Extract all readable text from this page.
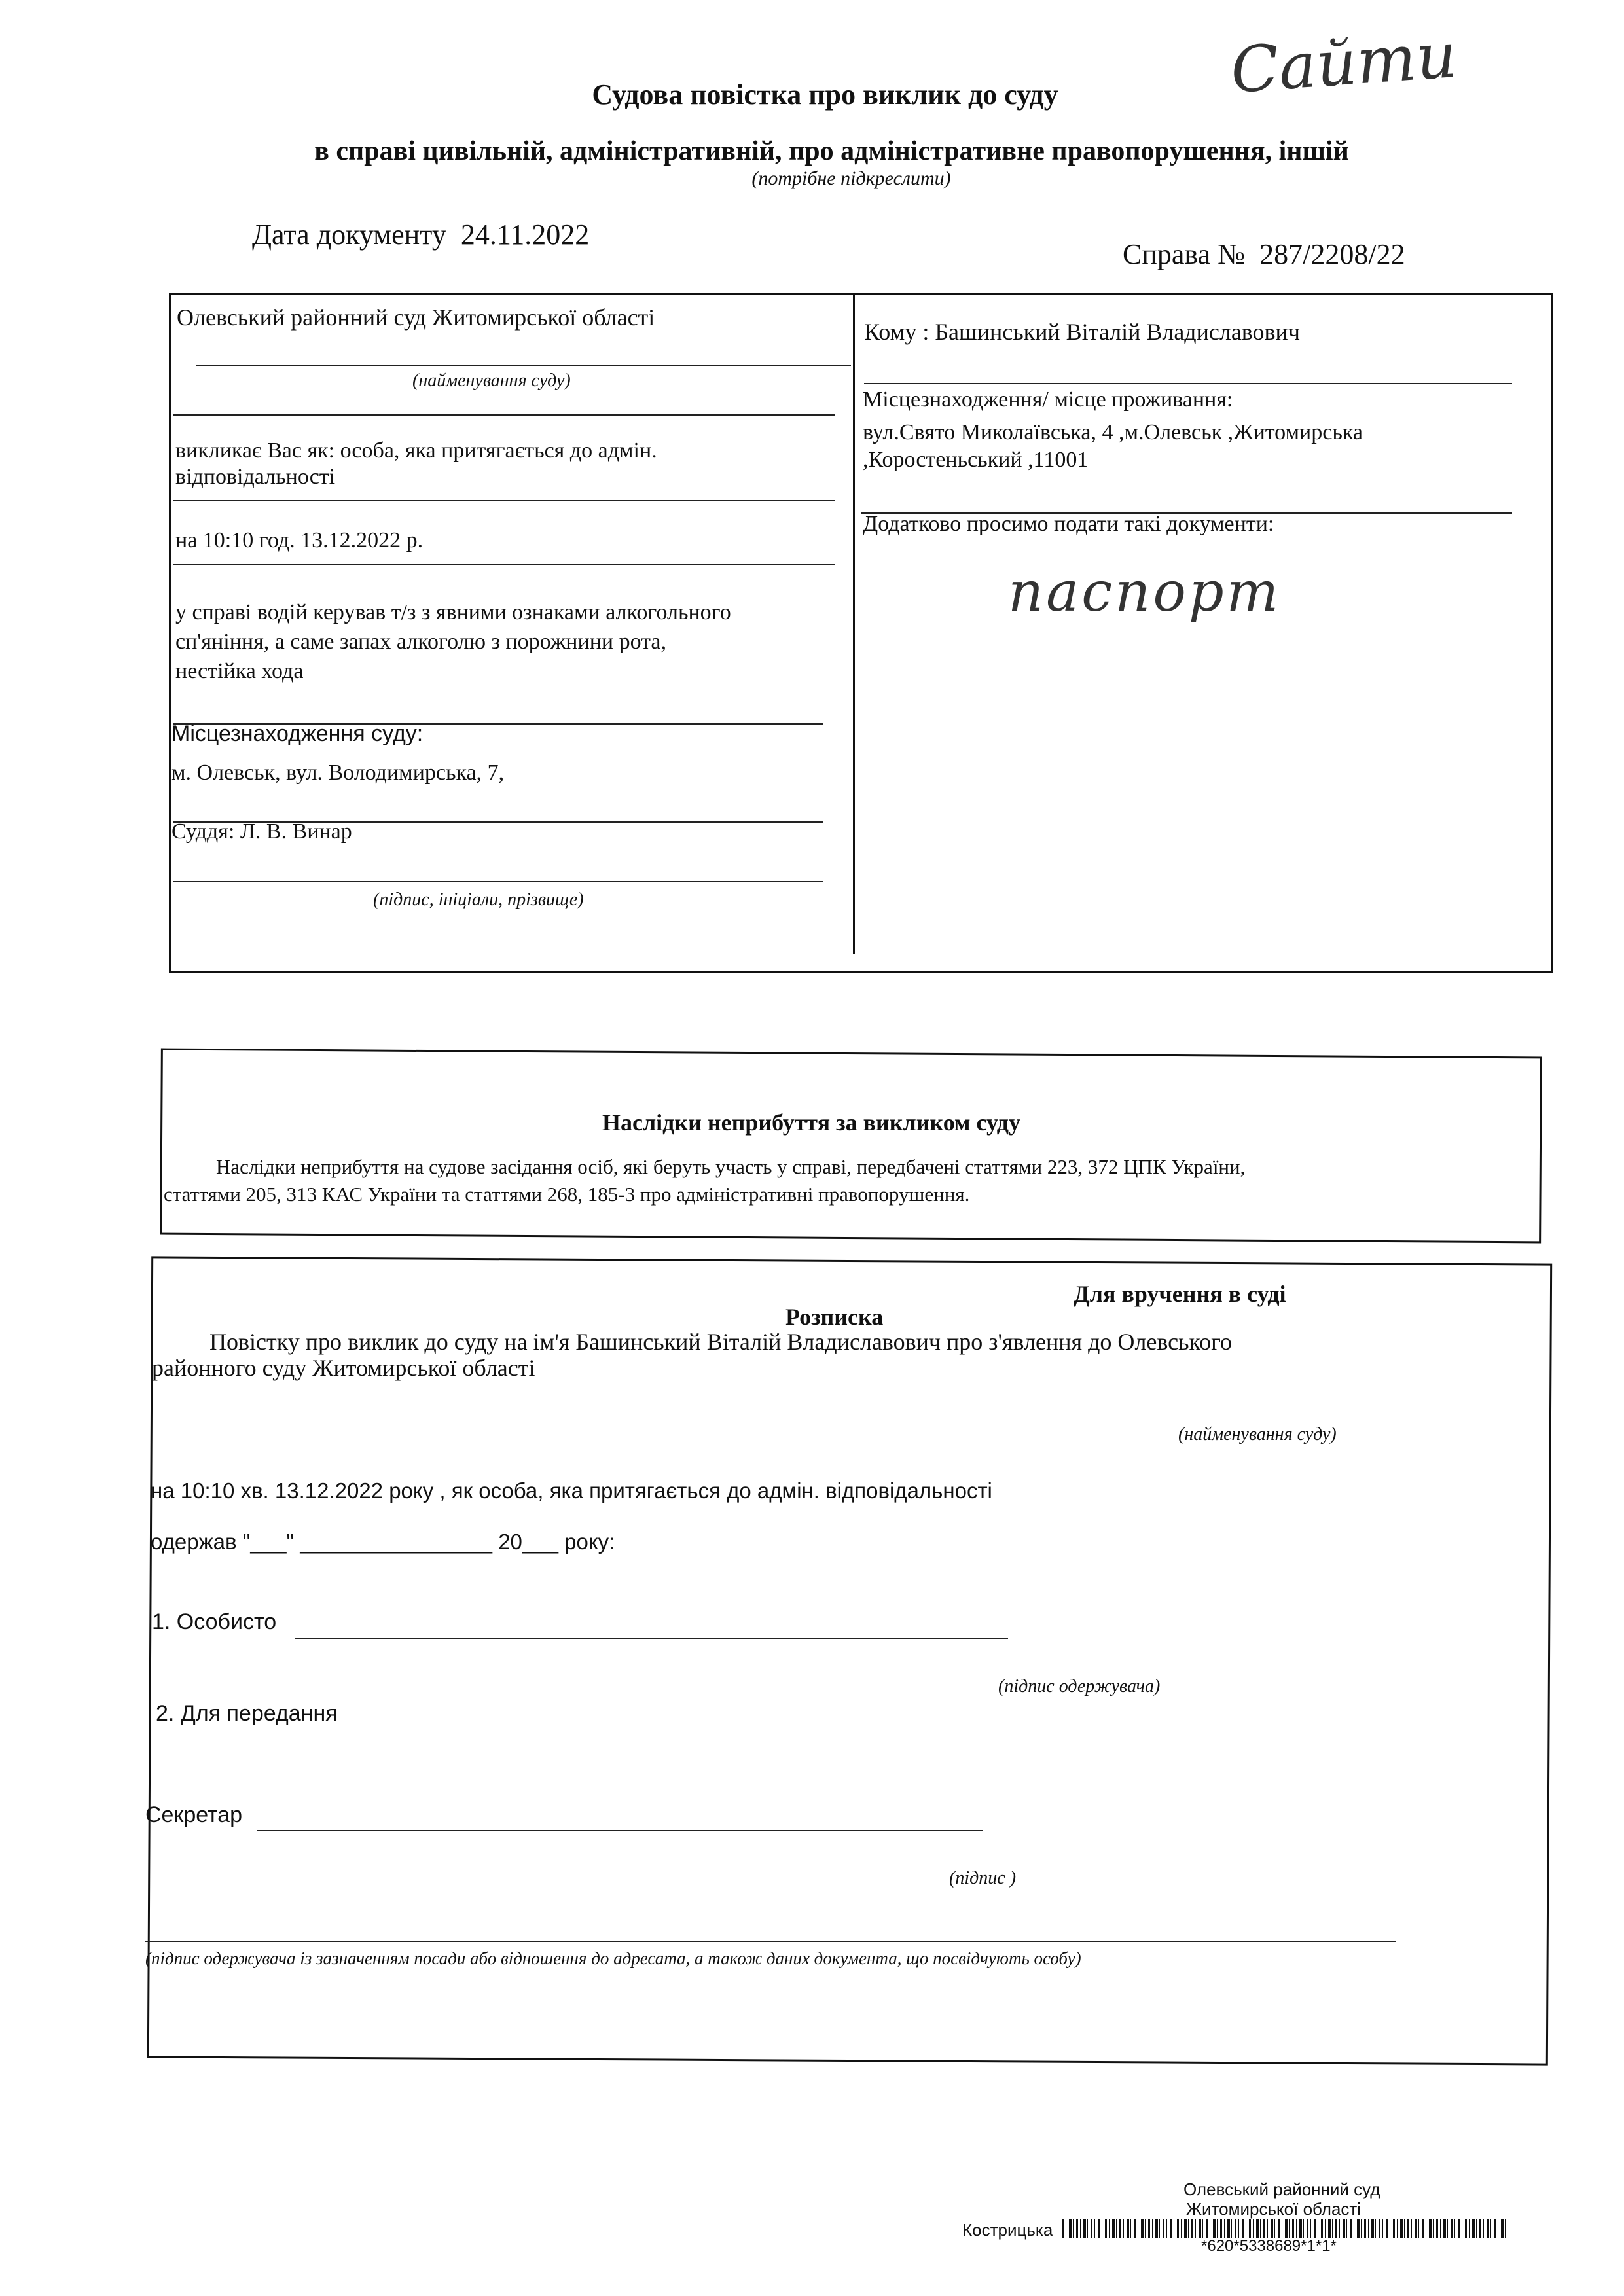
Сайти
Судова повістка про виклик до суду
в справі цивільній, адміністративній, про адміністративне правопорушення, іншій
(потрібне підкреслити)
Дата документу 24.11.2022
Справа № 287/2208/22
Олевський районний суд Житомирської області
(найменування суду)
викликає Вас як: особа, яка притягається до адмін.
відповідальності
на 10:10 год. 13.12.2022 р.
у справі водій керував т/з з явними ознаками алкогольного
сп'яніння, а саме запах алкоголю з порожнини рота,
нестійка хода
Місцезнаходження суду:
м. Олевськ, вул. Володимирська, 7,
Суддя: Л. В. Винар
(підпис, ініціали, прізвище)
Кому : Башинський Віталій Владиславович
Місцезнаходження/ місце проживання:
вул.Свято Миколаївська, 4 ,м.Олевськ ,Житомирська
,Коростеньський ,11001
Додатково просимо подати такі документи:
паспорт
Наслідки неприбуття за викликом суду
Наслідки неприбуття на судове засідання осіб, які беруть участь у справі, передбачені статтями 223, 372 ЦПК України,
статтями 205, 313 КАС України та статтями 268, 185-3 про адміністративні правопорушення.
Для вручення в суді
Розписка
Повістку про виклик до суду на ім'я Башинський Віталій Владиславович про з'явлення до Олевського
районного суду Житомирської області
(найменування суду)
на 10:10 хв. 13.12.2022 року , як особа, яка притягається до адмін. відповідальності
одержав "___" ________________ 20___ року:
1. Особисто
(підпис одержувача)
2. Для передання
Секретар
(підпис )
(підпис одержувача із зазначенням посади або відношення до адресата, а також даних документа, що посвідчують особу)
Олевський районний суд
Житомирської області
Кострицька
*620*5338689*1*1*
